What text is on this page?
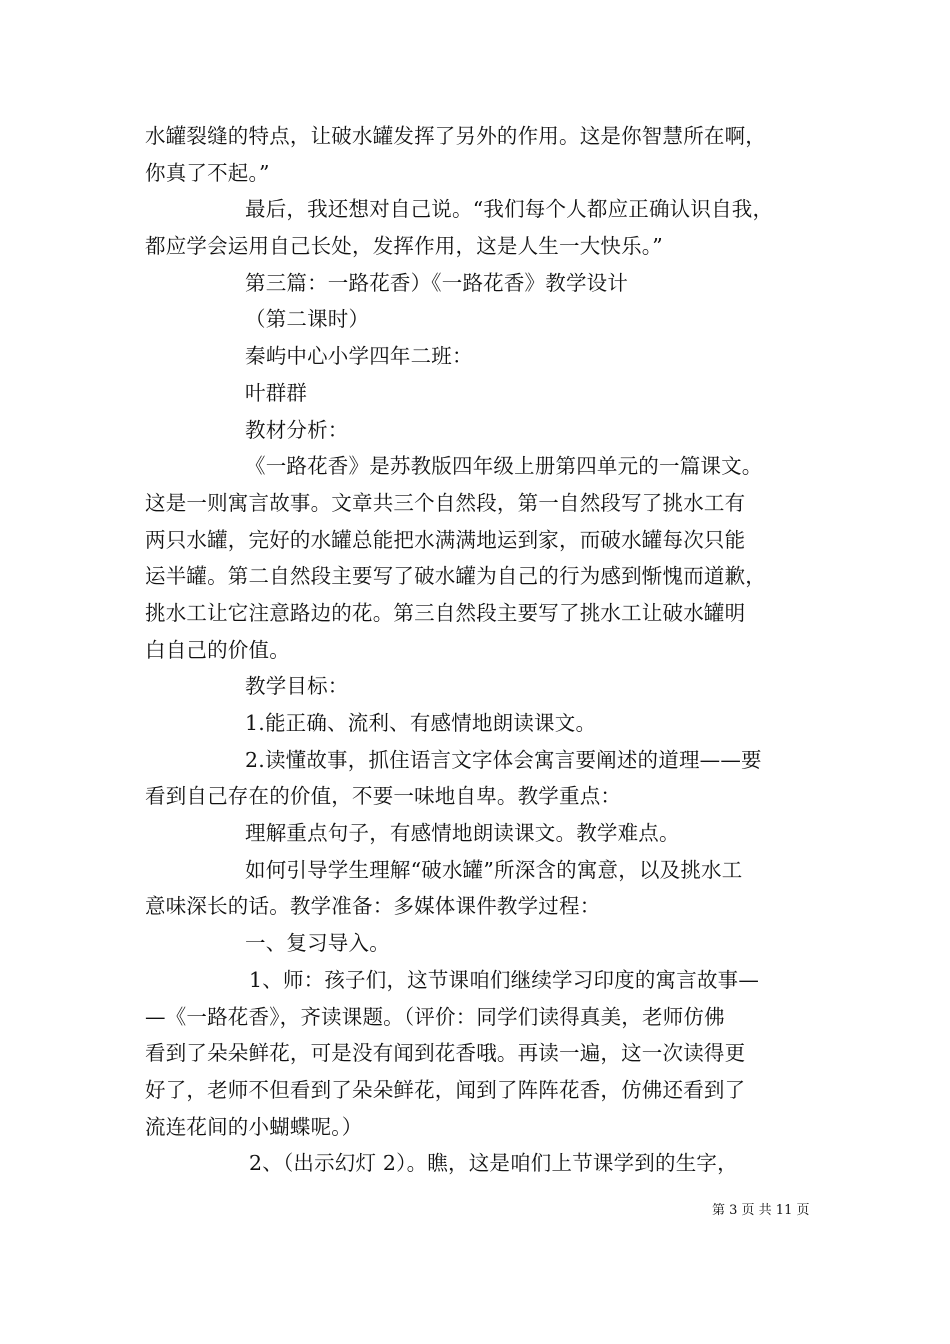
水罐裂缝的特点，让破水罐发挥了另外的作用。这是你智慧所在啊，
你真了不起。”
最后，我还想对自己说。“我们每个人都应正确认识自我，
都应学会运用自己长处，发挥作用，这是人生一大快乐。”
第三篇：一路花香）《一路花香》教学设计
（第二课时）
秦屿中心小学四年二班：
叶群群
教材分析：
《一路花香》是苏教版四年级上册第四单元的一篇课文。
这是一则寓言故事。文章共三个自然段，第一自然段写了挑水工有
两只水罐，完好的水罐总能把水满满地运到家，而破水罐每次只能
运半罐。第二自然段主要写了破水罐为自己的行为感到惭愧而道歉，
挑水工让它注意路边的花。第三自然段主要写了挑水工让破水罐明
白自己的价值。
教学目标：
1.能正确、流利、有感情地朗读课文。
2.读懂故事，抓住语言文字体会寓言要阐述的道理——要
看到自己存在的价值，不要一味地自卑。教学重点：
理解重点句子，有感情地朗读课文。教学难点。
如何引导学生理解“破水罐”所深含的寓意，以及挑水工
意味深长的话。教学准备：多媒体课件教学过程：
一、复习导入。
1、师：孩子们，这节课咱们继续学习印度的寓言故事—
—《一路花香》，齐读课题。（评价：同学们读得真美，老师仿佛
看到了朵朵鲜花，可是没有闻到花香哦。再读一遍，这一次读得更
好了，老师不但看到了朵朵鲜花，闻到了阵阵花香，仿佛还看到了
流连花间的小蝴蝶呢。）
2、（出示幻灯 2）。瞧，这是咱们上节课学到的生字，
第 3 页 共 11 页
